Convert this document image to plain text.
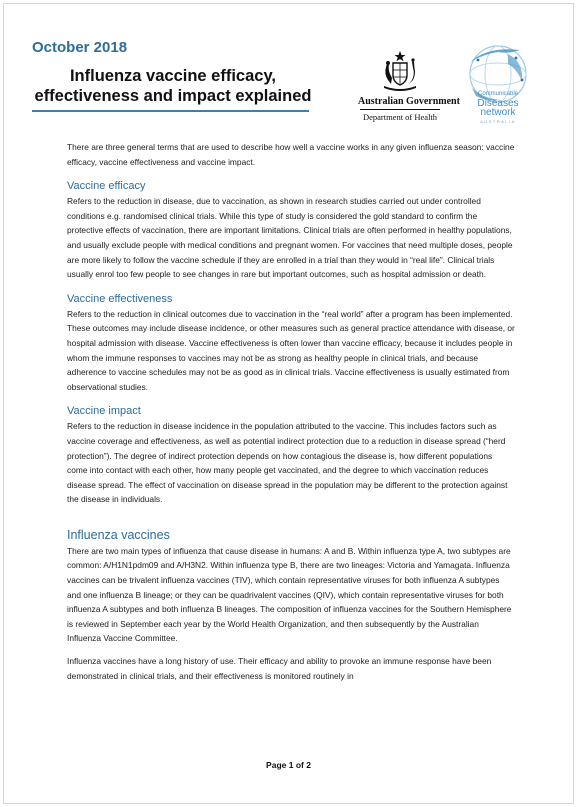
October 2018
Influenza vaccine efficacy,
effectiveness and impact explained	Australian Government
Department of Health
Communicable
Diseases
network
AUSTRALIA

There are three general terms that are used to describe how well a vaccine works in any given influenza season: vaccine efficacy, vaccine effectiveness and vaccine impact.

Vaccine efficacy

Refers to the reduction in disease, due to vaccination, as shown in research studies carried out under controlled conditions e.g. randomised clinical trials. While this type of study is considered the gold standard to confirm the protective effects of vaccination, there are important limitations. Clinical trials are often performed in healthy populations, and usually exclude people with medical conditions and pregnant women. For vaccines that need multiple doses, people are more likely to follow the vaccine schedule if they are enrolled in a trial than they would in “real life”. Clinical trials usually enrol too few people to see changes in rare but important outcomes, such as hospital admission or death.

Vaccine effectiveness

Refers to the reduction in clinical outcomes due to vaccination in the “real world” after a program has been implemented. These outcomes may include disease incidence, or other measures such as general practice attendance with disease, or hospital admission with disease. Vaccine effectiveness is often lower than vaccine efficacy, because it includes people in whom the immune responses to vaccines may not be as strong as healthy people in clinical trials, and because adherence to vaccine schedules may not be as good as in clinical trials. Vaccine effectiveness is usually estimated from observational studies.

Vaccine impact

Refers to the reduction in disease incidence in the population attributed to the vaccine. This includes factors such as vaccine coverage and effectiveness, as well as potential indirect protection due to a reduction in disease spread (“herd protection”). The degree of indirect protection depends on how contagious the disease is, how different populations come into contact with each other, how many people get vaccinated, and the degree to which vaccination reduces disease spread. The effect of vaccination on disease spread in the population may be different to the protection against the disease in individuals.

Influenza vaccines

There are two main types of influenza that cause disease in humans: A and B. Within influenza type A, two subtypes are common: A/H1N1pdm09 and A/H3N2. Within influenza type B, there are two lineages: Victoria and Yamagata. Influenza vaccines can be trivalent influenza vaccines (TIV), which contain representative viruses for both influenza A subtypes and one influenza B lineage; or they can be quadrivalent vaccines (QIV), which contain representative viruses for both influenza A subtypes and both influenza B lineages. The composition of influenza vaccines for the Southern Hemisphere is reviewed in September each year by the World Health Organization, and then subsequently by the Australian Influenza Vaccine Committee.

Influenza vaccines have a long history of use. Their efficacy and ability to provoke an immune response have been demonstrated in clinical trials, and their effectiveness is monitored routinely in

Page 1 of 2
